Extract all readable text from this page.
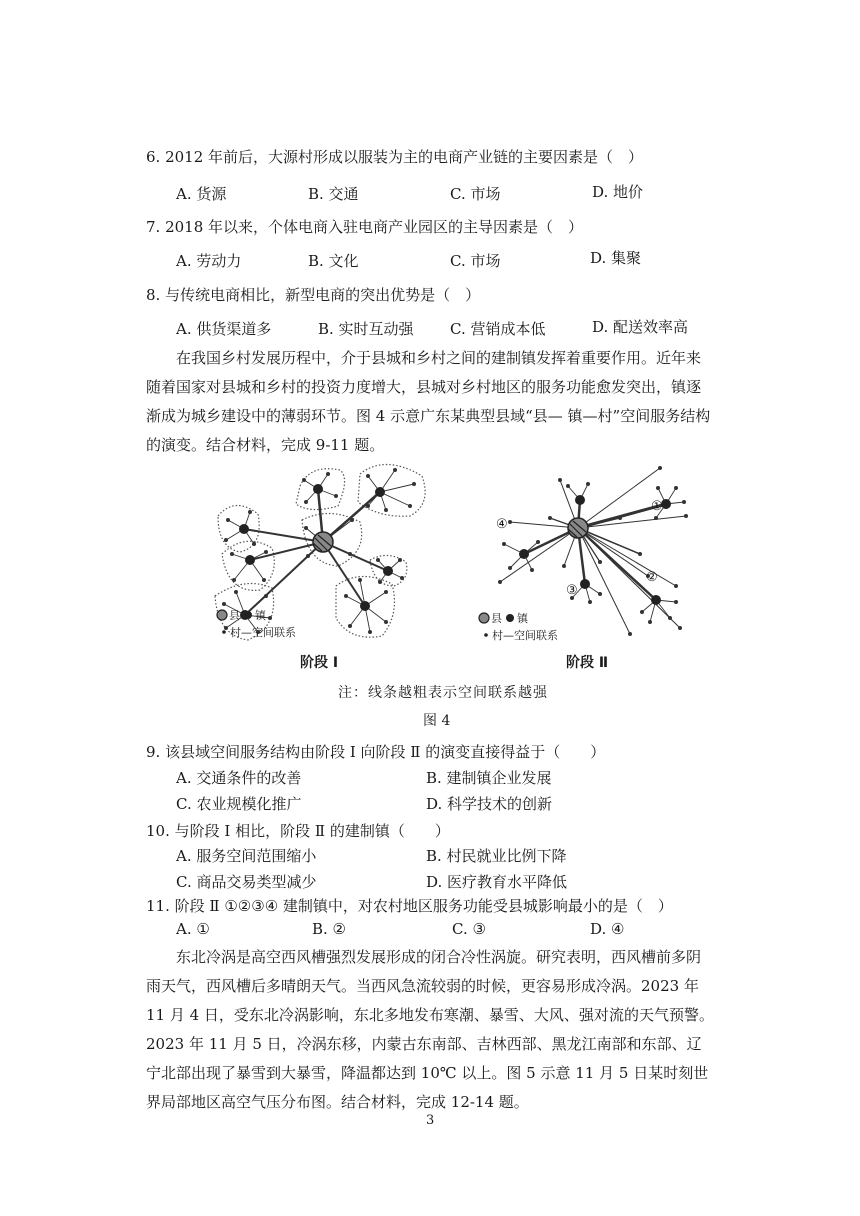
6. 2012 年前后，大源村形成以服装为主的电商产业链的主要因素是（　）
A. 货源	B. 交通	C. 市场	D. 地价
7. 2018 年以来，个体电商入驻电商产业园区的主导因素是（　）
A. 劳动力	B. 文化	C. 市场	D. 集聚
8. 与传统电商相比，新型电商的突出优势是（　）
A. 供货渠道多	B. 实时互动强 C. 营销成本低	D. 配送效率高

在我国乡村发展历程中，介于县城和乡村之间的建制镇发挥着重要作用。近年来随着国家对县城和乡村的投资力度增大，县城对乡村地区的服务功能愈发突出，镇逐渐成为城乡建设中的薄弱环节。图 4 示意广东某典型县域“县— 镇—村”空间服务结构的演变。结合材料，完成 9-11 题。

县 镇
村—空间联系
①
②
③
④
县 镇
村—空间联系
阶段 Ⅰ	阶段 Ⅱ
注：线条越粗表示空间联系越强
图 4
9. 该县域空间服务结构由阶段 Ⅰ 向阶段 Ⅱ 的演变直接得益于（　　）
A. 交通条件的改善	B. 建制镇企业发展
C. 农业规模化推广	D. 科学技术的创新
10. 与阶段 Ⅰ 相比，阶段 Ⅱ 的建制镇（　　）
A. 服务空间范围缩小	B. 村民就业比例下降
C. 商品交易类型减少	D. 医疗教育水平降低
11. 阶段 Ⅱ ①②③④ 建制镇中，对农村地区服务功能受县城影响最小的是（　）
A. ①	B. ②	C. ③	D. ④

东北冷涡是高空西风槽强烈发展形成的闭合冷性涡旋。研究表明，西风槽前多阴雨天气，西风槽后多晴朗天气。当西风急流较弱的时候，更容易形成冷涡。2023 年 11 月 4 日，受东北冷涡影响，东北多地发布寒潮、暴雪、大风、强对流的天气预警。2023 年 11 月 5 日，冷涡东移，内蒙古东南部、吉林西部、黑龙江南部和东部、辽宁北部出现了暴雪到大暴雪，降温都达到 10℃ 以上。图 5 示意 11 月 5 日某时刻世界局部地区高空气压分布图。结合材料，完成 12-14 题。

3
